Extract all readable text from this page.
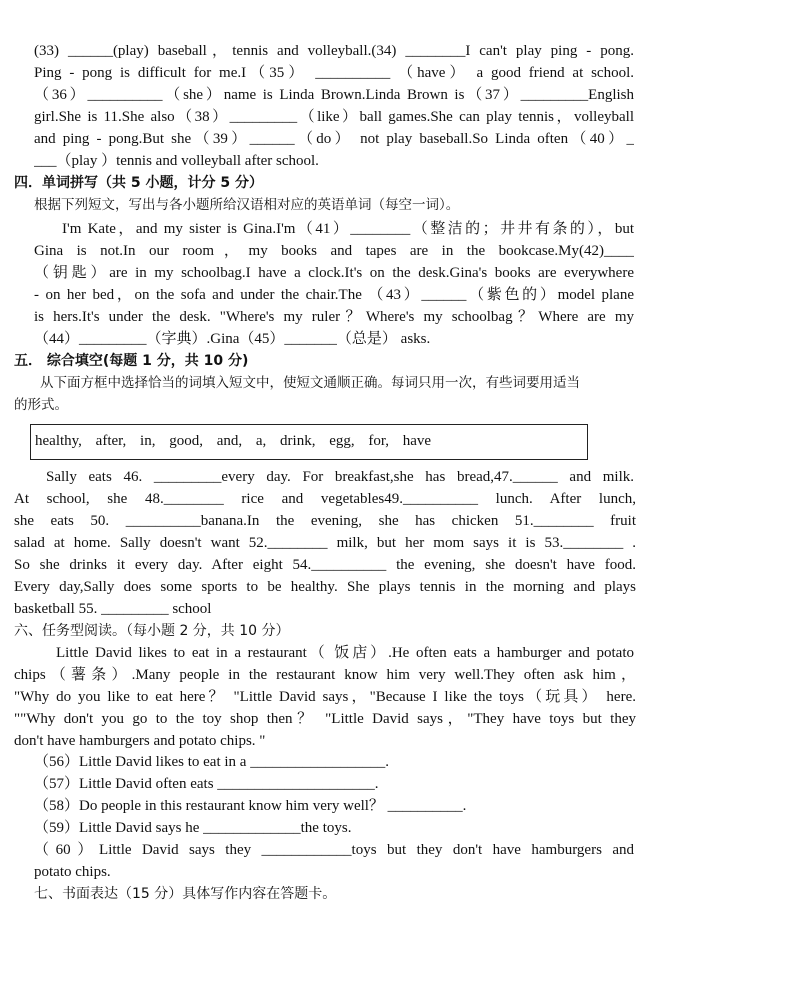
(33) ______(play) baseball，tennis and volleyball.(34) ________I can't play ping - pong.
Ping - pong is difficult for me.I（35） __________ （have） a good friend at school.
（36）__________（she）name is Linda Brown.Linda Brown is（37）_________English
girl.She is 11.She also（38）_________（like）ball games.She can play tennis，volleyball
and ping - pong.But she（39）______（do） not play baseball.So Linda often（40）_
___（play ）tennis and volleyball after school.
四．单词拼写（共 5 小题，计分 5 分）
根据下列短文，写出与各小题所给汉语相对应的英语单词（每空一词）。
I'm Kate，and my sister is Gina.I'm（41）________（整洁的；井井有条的），but
Gina is not.In our room，my books and tapes are in the bookcase.My(42)____
（钥匙）are in my schoolbag.I have a clock.It's on the desk.Gina's books are everywhere
- on her bed，on the sofa and under the chair.The （43）______（紫色的）model plane
is hers.It's under the desk. "Where's my ruler？Where's my schoolbag？Where are my
（44）_________（字典）.Gina（45）_______（总是） asks.
五． 综合填空(每题 1 分，共 10 分)
从下面方框中选择恰当的词填入短文中，使短文通顺正确。每词只用一次，有些词要用适当
的形式。
healthy, after, in, good, and, a, drink, egg, for, have
Sally eats 46. _________every day. For breakfast,she has bread,47.______ and milk.
At school, she 48.________ rice and vegetables49.__________ lunch. After lunch,
she eats 50. __________banana.In the evening, she has chicken 51.________ fruit
salad at home. Sally doesn't want 52.________ milk, but her mom says it is 53.________ .
So she drinks it every day. After eight 54.__________ the evening, she doesn't have food.
Every day,Sally does some sports to be healthy. She plays tennis in the morning and plays
basketball 55. _________ school
六、任务型阅读。（每小题 2 分，共 10 分）
Little David likes to eat in a restaurant（ 饭店）.He often eats a hamburger and potato
chips（薯条）.Many people in the restaurant know him very well.They often ask him，
"Why do you like to eat here？ "Little David says，"Because I like the toys（玩具） here.
""Why don't you go to the toy shop then？ "Little David says，"They have toys but they
don't have hamburgers and potato chips. "
（56）Little David likes to eat in a __________________.
（57）Little David often eats _____________________.
（58）Do people in this restaurant know him very well？ __________.
（59）Little David says he _____________the toys.
（60）Little David says they ____________toys but they don't have hamburgers and
potato chips.
七、书面表达（15 分）具体写作内容在答题卡。
